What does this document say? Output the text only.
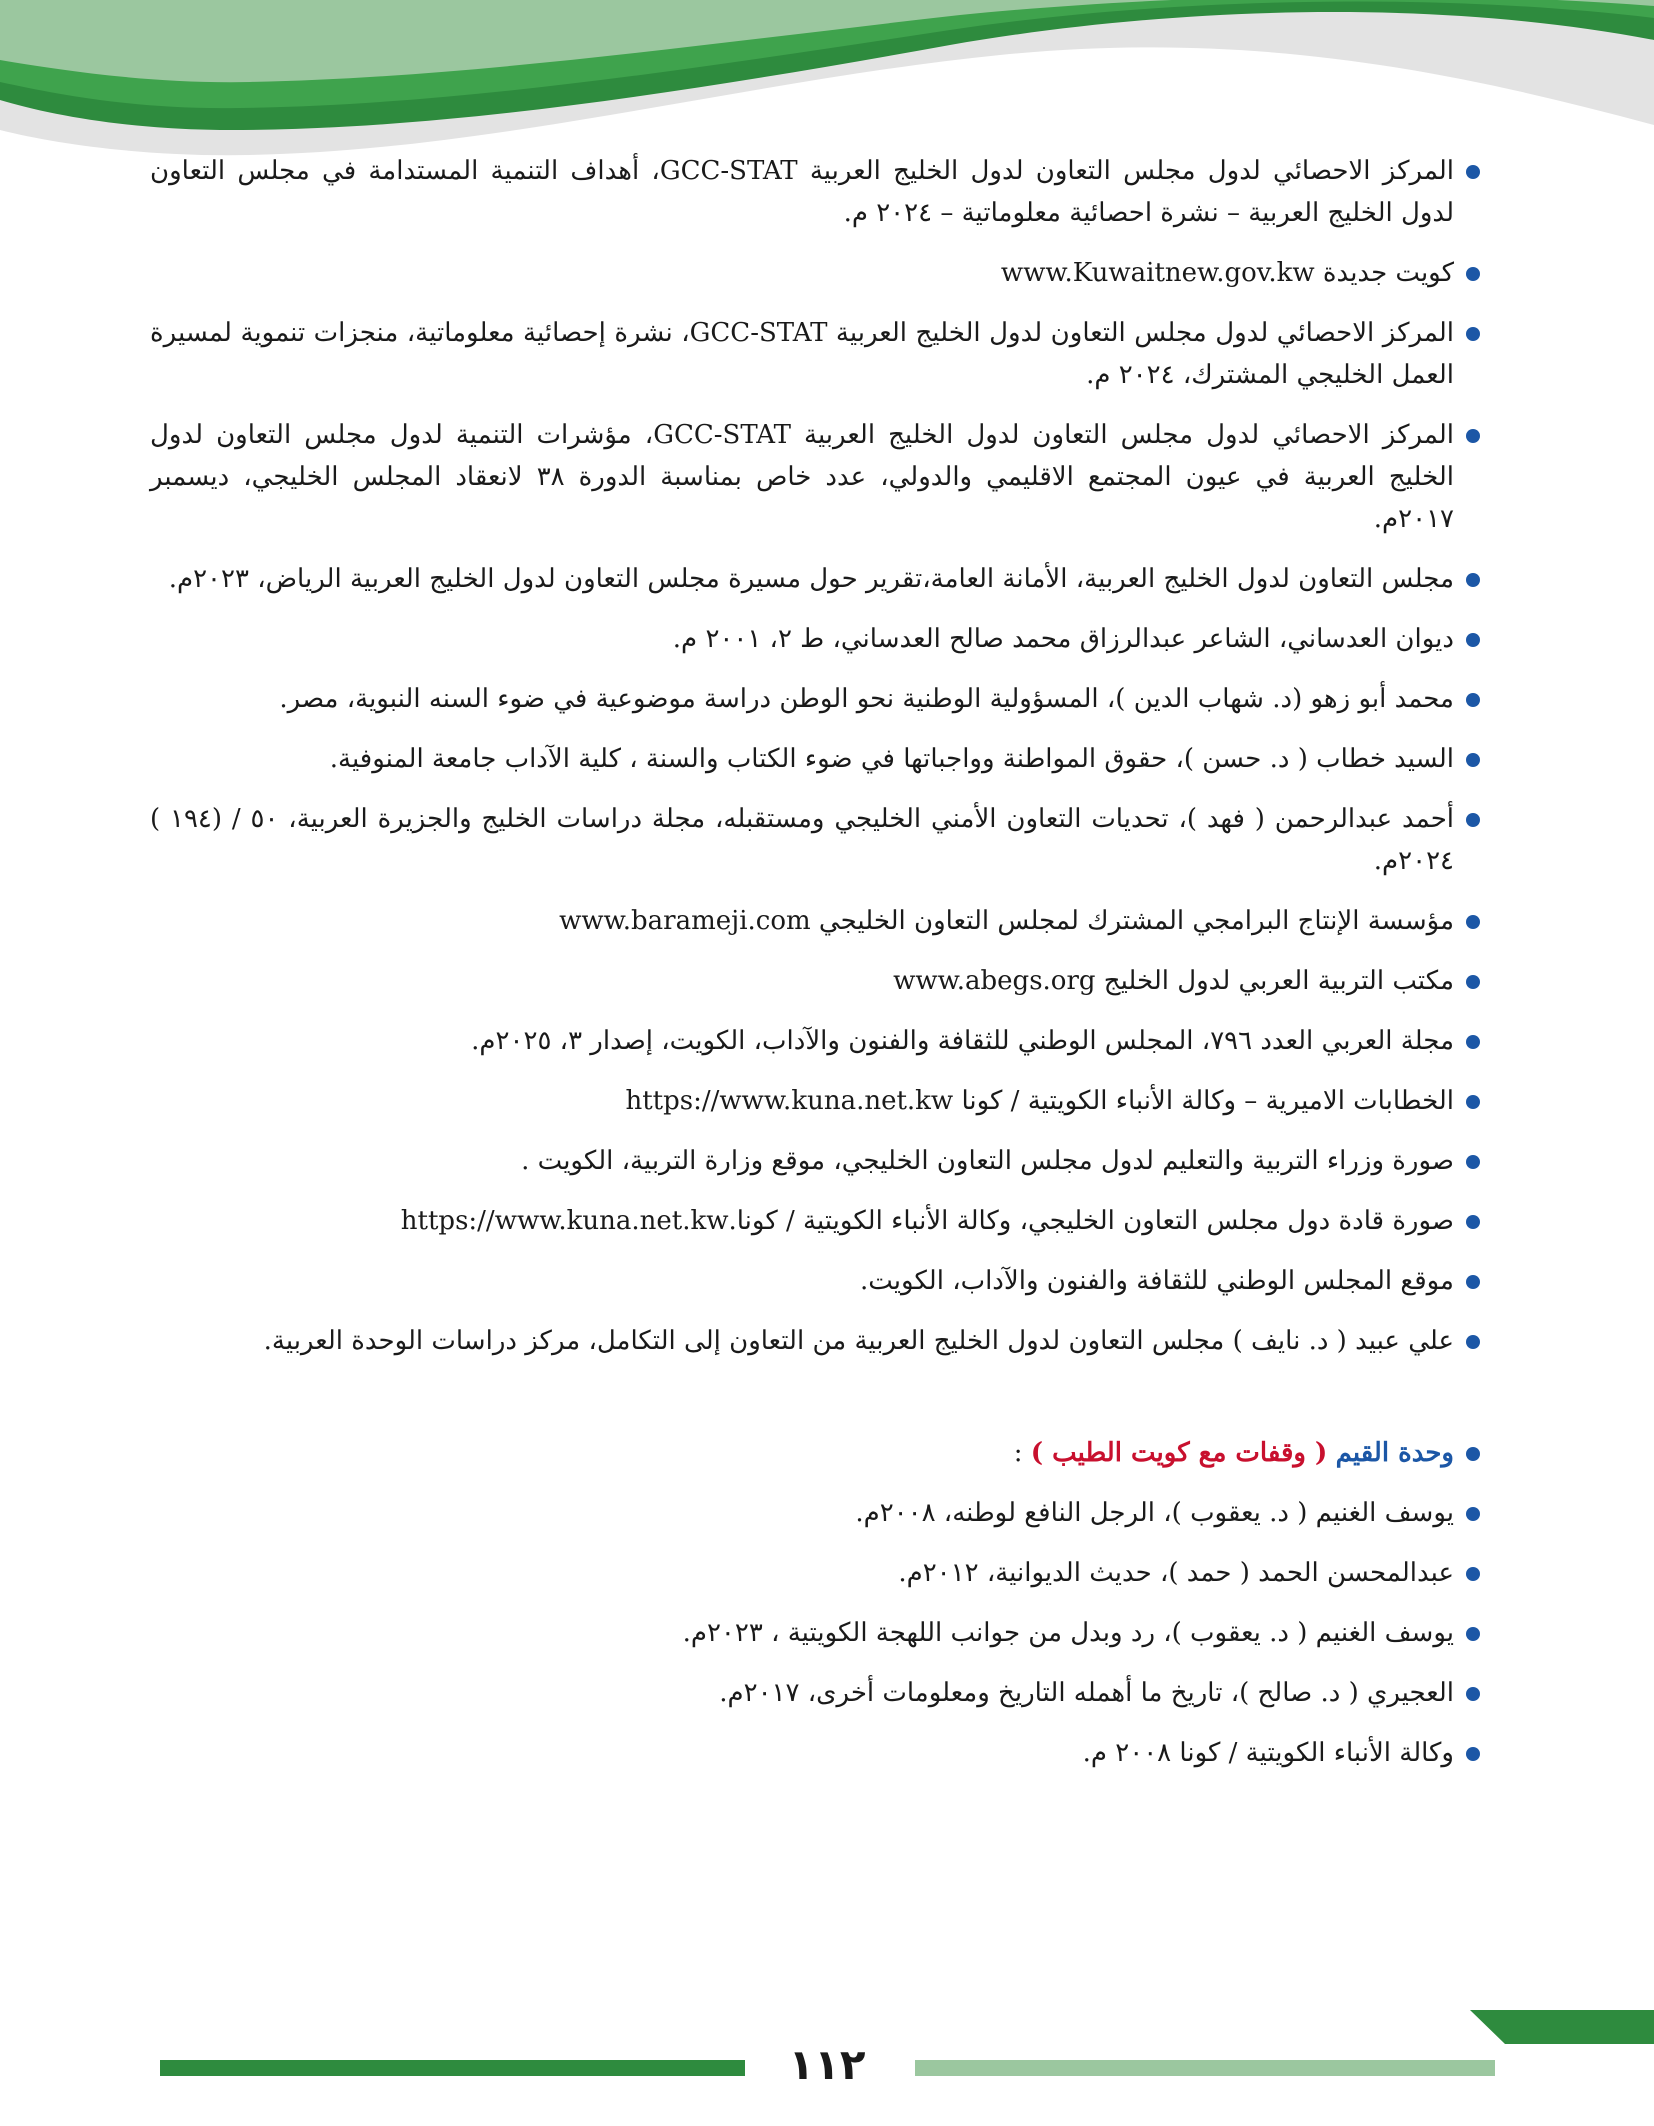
المركز الاحصائي لدول مجلس التعاون لدول الخليج العربية GCC-STAT، أهداف التنمية المستدامة في مجلس التعاون لدول الخليج العربية – نشرة احصائية معلوماتية – ٢٠٢٤ م.
كويت جديدة www.Kuwaitnew.gov.kw
المركز الاحصائي لدول مجلس التعاون لدول الخليج العربية GCC-STAT، نشرة إحصائية معلوماتية، منجزات تنموية لمسيرة العمل الخليجي المشترك، ٢٠٢٤ م.
المركز الاحصائي لدول مجلس التعاون لدول الخليج العربية GCC-STAT، مؤشرات التنمية لدول مجلس التعاون لدول الخليج العربية في عيون المجتمع الاقليمي والدولي، عدد خاص بمناسبة الدورة ٣٨ لانعقاد المجلس الخليجي، ديسمبر ٢٠١٧م.
مجلس التعاون لدول الخليج العربية، الأمانة العامة،تقرير حول مسيرة مجلس التعاون لدول الخليج العربية الرياض، ٢٠٢٣م.
ديوان العدساني، الشاعر عبدالرزاق محمد صالح العدساني، ط ٢، ٢٠٠١ م.
محمد أبو زهو (د. شهاب الدين )، المسؤولية الوطنية نحو الوطن دراسة موضوعية في ضوء السنه النبوية، مصر.
السيد خطاب ( د. حسن )، حقوق المواطنة وواجباتها في ضوء الكتاب والسنة ، كلية الآداب جامعة المنوفية.
أحمد عبدالرحمن ( فهد )، تحديات التعاون الأمني الخليجي ومستقبله، مجلة دراسات الخليج والجزيرة العربية، ٥٠ / (١٩٤ ) ٢٠٢٤م.
مؤسسة الإنتاج البرامجي المشترك لمجلس التعاون الخليجي www.barameji.com
مكتب التربية العربي لدول الخليج www.abegs.org
مجلة العربي العدد ٧٩٦، المجلس الوطني للثقافة والفنون والآداب، الكويت، إصدار ٣، ٢٠٢٥م.
الخطابات الاميرية – وكالة الأنباء الكويتية / كونا https://www.kuna.net.kw
صورة وزراء التربية والتعليم لدول مجلس التعاون الخليجي، موقع وزارة التربية، الكويت .
صورة قادة دول مجلس التعاون الخليجي، وكالة الأنباء الكويتية / كونا.https://www.kuna.net.kw
موقع المجلس الوطني للثقافة والفنون والآداب، الكويت.
علي عبيد ( د. نايف ) مجلس التعاون لدول الخليج العربية من التعاون إلى التكامل، مركز دراسات الوحدة العربية.
وحدة القيم ( وقفات مع كويت الطيب ) :
يوسف الغنيم ( د. يعقوب )، الرجل النافع لوطنه، ٢٠٠٨م.
عبدالمحسن الحمد ( حمد )، حديث الديوانية، ٢٠١٢م.
يوسف الغنيم ( د. يعقوب )، رد وبدل من جوانب اللهجة الكويتية ، ٢٠٢٣م.
العجيري ( د. صالح )، تاريخ ما أهمله التاريخ ومعلومات أخرى، ٢٠١٧م.
وكالة الأنباء الكويتية / كونا ٢٠٠٨ م.
١١٢
